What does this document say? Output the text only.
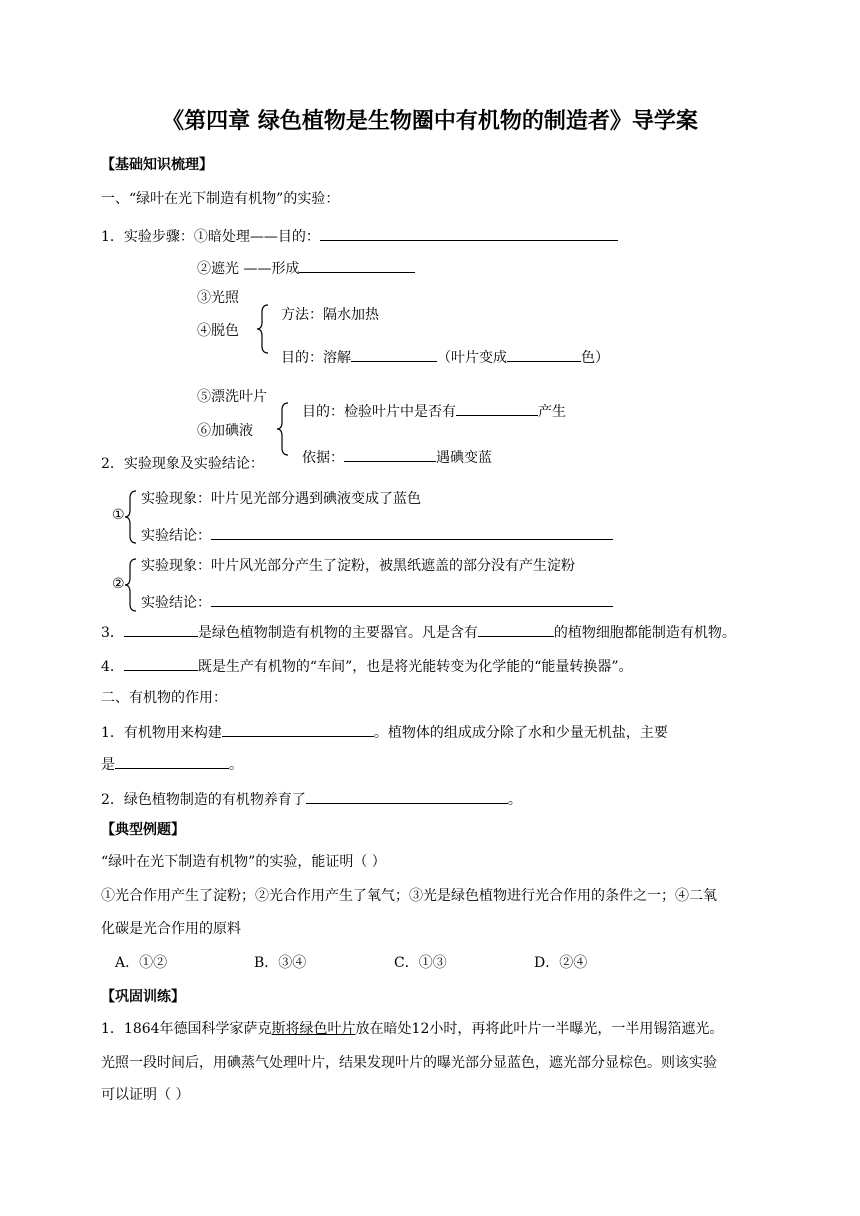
《第四章 绿色植物是生物圈中有机物的制造者》导学案
【基础知识梳理】
一、“绿叶在光下制造有机物”的实验：
1．实验步骤：①暗处理——目的：
②遮光 ——形成
③光照
④脱色
方法：隔水加热
目的：溶解	（叶片变成	色）
⑤漂洗叶片
⑥加碘液
目的：检验叶片中是否有	产生
依据：	遇碘变蓝
2．实验现象及实验结论：
①
实验现象：叶片见光部分遇到碘液变成了蓝色
实验结论：
②
实验现象：叶片风光部分产生了淀粉，被黑纸遮盖的部分没有产生淀粉
实验结论：
3．	是绿色植物制造有机物的主要器官。凡是含有	的植物细胞都能制造有机物。
4．	既是生产有机物的“车间”，也是将光能转变为化学能的“能量转换器”。
二、有机物的作用：
1．有机物用来构建	。植物体的组成成分除了水和少量无机盐，主要
是	。
2．绿色植物制造的有机物养育了	。
【典型例题】
“绿叶在光下制造有机物”的实验，能证明（ ）
①光合作用产生了淀粉；②光合作用产生了氧气；③光是绿色植物进行光合作用的条件之一；④二氧
化碳是光合作用的原料
A．①②	B．③④	C．①③	D．②④
【巩固训练】
1．1864年德国科学家萨克斯将绿色叶片放在暗处12小时，再将此叶片一半曝光，一半用锡箔遮光。
光照一段时间后，用碘蒸气处理叶片，结果发现叶片的曝光部分显蓝色，遮光部分显棕色。则该实验
可以证明（ ）
